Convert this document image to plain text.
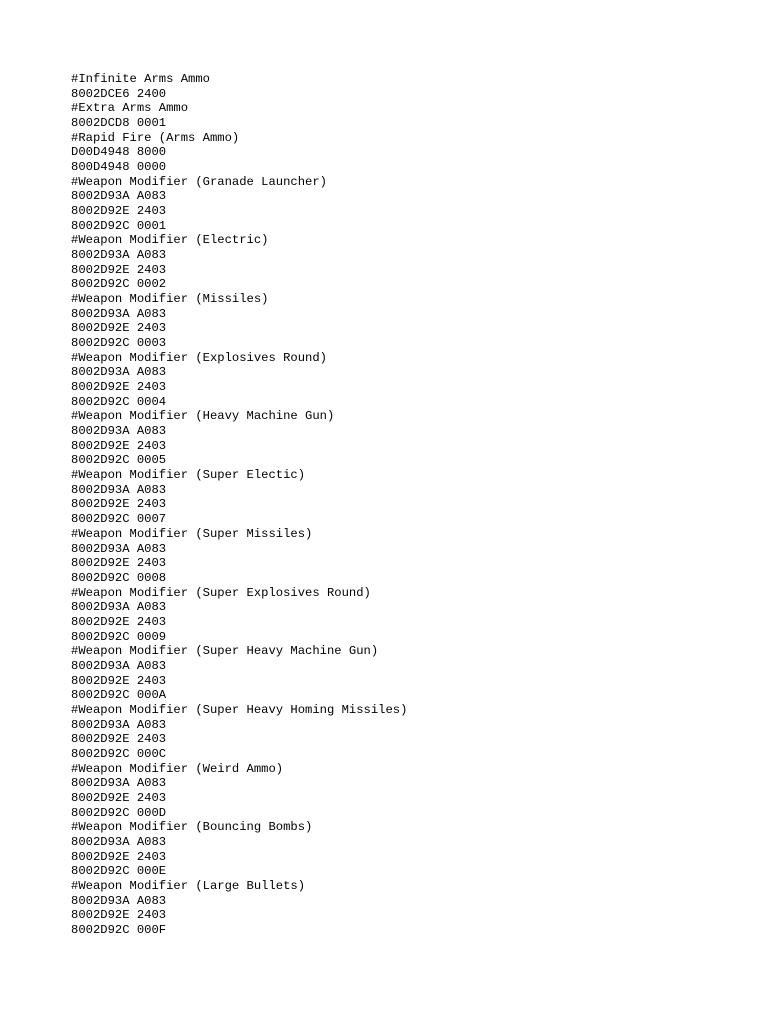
#Infinite Arms Ammo
8002DCE6 2400
#Extra Arms Ammo
8002DCD8 0001
#Rapid Fire (Arms Ammo)
D00D4948 8000
800D4948 0000
#Weapon Modifier (Granade Launcher)
8002D93A A083
8002D92E 2403
8002D92C 0001
#Weapon Modifier (Electric)
8002D93A A083
8002D92E 2403
8002D92C 0002
#Weapon Modifier (Missiles)
8002D93A A083
8002D92E 2403
8002D92C 0003
#Weapon Modifier (Explosives Round)
8002D93A A083
8002D92E 2403
8002D92C 0004
#Weapon Modifier (Heavy Machine Gun)
8002D93A A083
8002D92E 2403
8002D92C 0005
#Weapon Modifier (Super Electic)
8002D93A A083
8002D92E 2403
8002D92C 0007
#Weapon Modifier (Super Missiles)
8002D93A A083
8002D92E 2403
8002D92C 0008
#Weapon Modifier (Super Explosives Round)
8002D93A A083
8002D92E 2403
8002D92C 0009
#Weapon Modifier (Super Heavy Machine Gun)
8002D93A A083
8002D92E 2403
8002D92C 000A
#Weapon Modifier (Super Heavy Homing Missiles)
8002D93A A083
8002D92E 2403
8002D92C 000C
#Weapon Modifier (Weird Ammo)
8002D93A A083
8002D92E 2403
8002D92C 000D
#Weapon Modifier (Bouncing Bombs)
8002D93A A083
8002D92E 2403
8002D92C 000E
#Weapon Modifier (Large Bullets)
8002D93A A083
8002D92E 2403
8002D92C 000F
